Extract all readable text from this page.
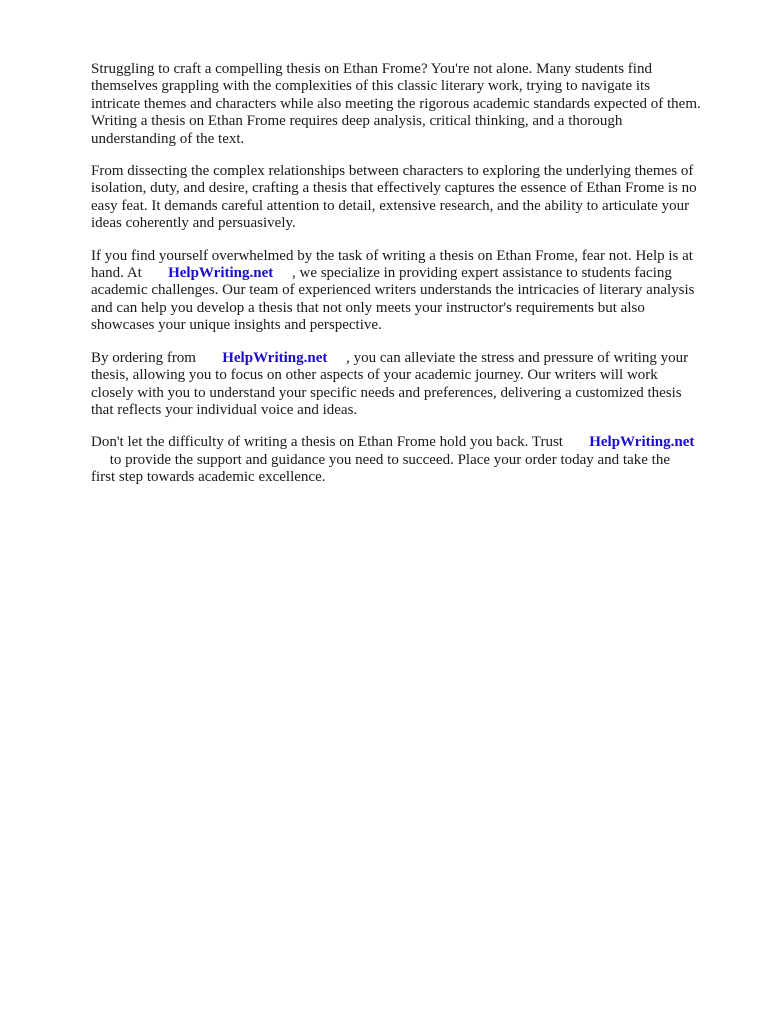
Struggling to craft a compelling thesis on Ethan Frome? You're not alone. Many students find
themselves grappling with the complexities of this classic literary work, trying to navigate its
intricate themes and characters while also meeting the rigorous academic standards expected of them.
Writing a thesis on Ethan Frome requires deep analysis, critical thinking, and a thorough
understanding of the text.

From dissecting the complex relationships between characters to exploring the underlying themes of
isolation, duty, and desire, crafting a thesis that effectively captures the essence of Ethan Frome is no
easy feat. It demands careful attention to detail, extensive research, and the ability to articulate your
ideas coherently and persuasively.

If you find yourself overwhelmed by the task of writing a thesis on Ethan Frome, fear not. Help is at
hand. At       HelpWriting.net     , we specialize in providing expert assistance to students facing
academic challenges. Our team of experienced writers understands the intricacies of literary analysis
and can help you develop a thesis that not only meets your instructor's requirements but also
showcases your unique insights and perspective.

By ordering from       HelpWriting.net     , you can alleviate the stress and pressure of writing your
thesis, allowing you to focus on other aspects of your academic journey. Our writers will work
closely with you to understand your specific needs and preferences, delivering a customized thesis
that reflects your individual voice and ideas.

Don't let the difficulty of writing a thesis on Ethan Frome hold you back. Trust       HelpWriting.net
to provide the support and guidance you need to succeed. Place your order today and take the
first step towards academic excellence.
